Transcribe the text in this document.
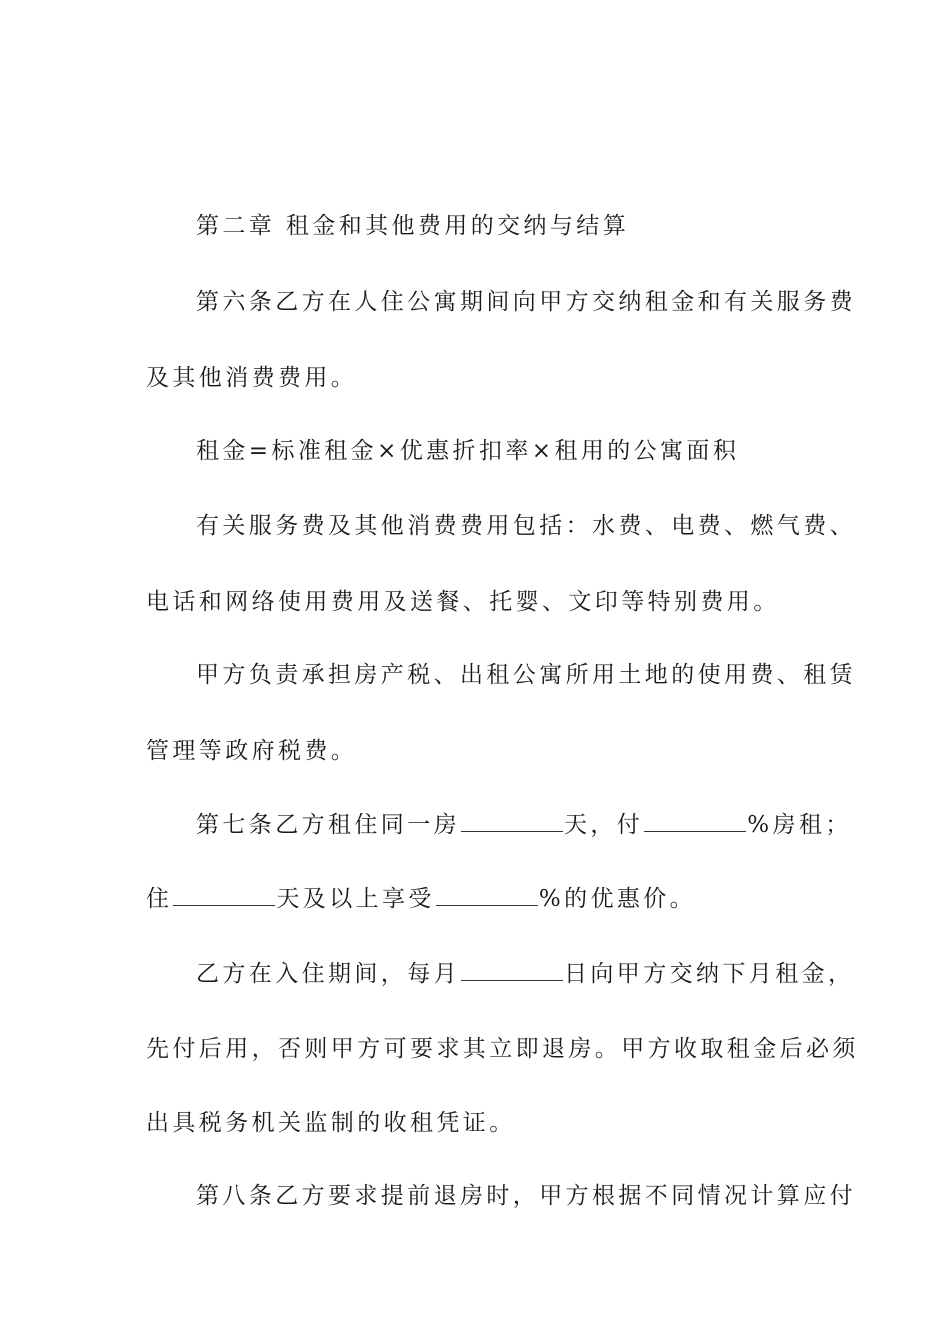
第二章 租金和其他费用的交纳与结算
第六条乙方在人住公寓期间向甲方交纳租金和有关服务费
及其他消费费用。
租金=标准租金×优惠折扣率×租用的公寓面积
有关服务费及其他消费费用包括：水费、电费、燃气费、
电话和网络使用费用及送餐、托婴、文印等特别费用。
甲方负责承担房产税、出租公寓所用土地的使用费、租赁
管理等政府税费。
第七条乙方租住同一房	天，付	%房租；
住	天及以上享受	%的优惠价。
乙方在入住期间，每月	日向甲方交纳下月租金，
先付后用，否则甲方可要求其立即退房。甲方收取租金后必须
出具税务机关监制的收租凭证。
第八条乙方要求提前退房时，甲方根据不同情况计算应付
